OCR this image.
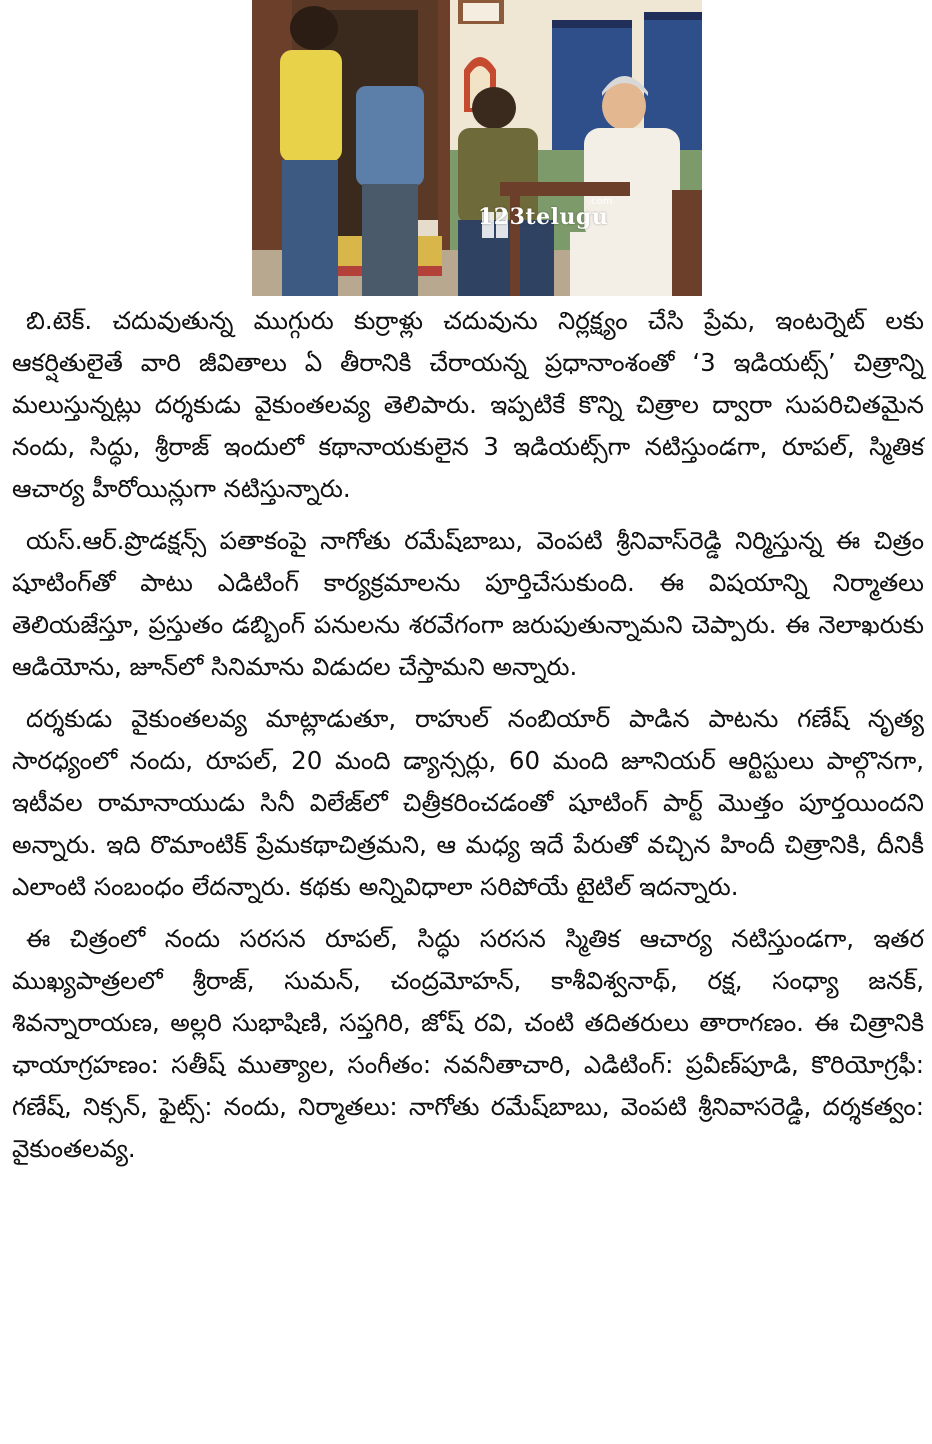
123telugu
.com

బి.టెక్. చదువుతున్న ముగ్గురు కుర్రాళ్లు చదువును నిర్లక్ష్యం చేసి ప్రేమ, ఇంటర్నెట్ లకు ఆకర్షితులైతే వారి జీవితాలు ఏ తీరానికి చేరాయన్న ప్రధానాంశంతో ‘3 ఇడియట్స్’ చిత్రాన్ని మలుస్తున్నట్లు దర్శకుడు వైకుంతలవ్య తెలిపారు. ఇప్పటికే కొన్ని చిత్రాల ద్వారా సుపరిచితమైన నందు, సిద్ధు, శ్రీరాజ్ ఇందులో కథానాయకులైన 3 ఇడియట్స్‌గా నటిస్తుండగా, రూపల్, స్మితిక ఆచార్య హీరోయిన్లుగా నటిస్తున్నారు.

యస్.ఆర్.ప్రొడక్షన్స్ పతాకంపై నాగోతు రమేష్‌బాబు, వెంపటి శ్రీనివాస్‌రెడ్డి నిర్మిస్తున్న ఈ చిత్రం షూటింగ్‌తో పాటు ఎడిటింగ్ కార్యక్రమాలను పూర్తిచేసుకుంది. ఈ విషయాన్ని నిర్మాతలు తెలియజేస్తూ, ప్రస్తుతం డబ్బింగ్ పనులను శరవేగంగా జరుపుతున్నామని చెప్పారు. ఈ నెలాఖరుకు ఆడియోను, జూన్‌లో సినిమాను విడుదల చేస్తామని అన్నారు.

దర్శకుడు వైకుంతలవ్య మాట్లాడుతూ, రాహుల్ నంబియార్ పాడిన పాటను గణేష్ నృత్య సారధ్యంలో నందు, రూపల్, 20 మంది డ్యాన్సర్లు, 60 మంది జూనియర్ ఆర్టిస్టులు పాల్గొనగా, ఇటీవల రామానాయుడు సినీ విలేజ్‌లో చిత్రీకరించడంతో షూటింగ్ పార్ట్ మొత్తం పూర్తయిందని అన్నారు. ఇది రొమాంటిక్ ప్రేమకథాచిత్రమని, ఆ మధ్య ఇదే పేరుతో వచ్చిన హిందీ చిత్రానికి, దీనికీ ఎలాంటి సంబంధం లేదన్నారు. కథకు అన్నివిధాలా సరిపోయే టైటిల్ ఇదన్నారు.

ఈ చిత్రంలో నందు సరసన రూపల్, సిద్ధు సరసన స్మితిక ఆచార్య నటిస్తుండగా, ఇతర ముఖ్యపాత్రలలో శ్రీరాజ్, సుమన్, చంద్రమోహన్, కాశీవిశ్వనాథ్, రక్ష, సంధ్యా జనక్, శివన్నారాయణ, అల్లరి సుభాషిణి, సప్తగిరి, జోష్ రవి, చంటి తదితరులు తారాగణం. ఈ చిత్రానికి ఛాయాగ్రహణం: సతీష్ ముత్యాల, సంగీతం: నవనీతాచారి, ఎడిటింగ్: ప్రవీణ్‌పూడి, కొరియోగ్రఫీ: గణేష్, నిక్సన్, ఫైట్స్: నందు, నిర్మాతలు: నాగోతు రమేష్‌బాబు, వెంపటి శ్రీనివాసరెడ్డి, దర్శకత్వం: వైకుంతలవ్య.
